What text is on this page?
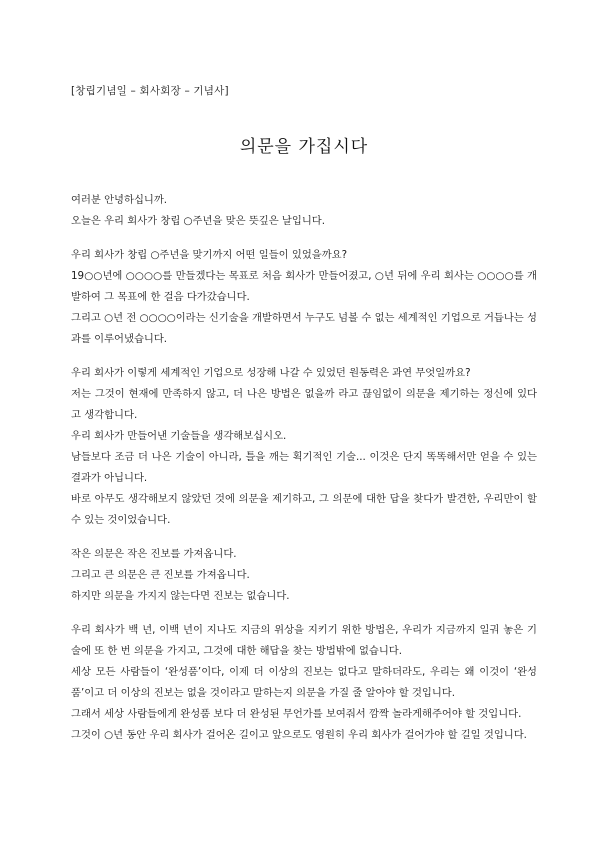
[창립기념일 – 회사회장 – 기념사]

의문을 가집시다

여러분 안녕하십니까.

오늘은 우리 회사가 창립 ○주년을 맞은 뜻깊은 날입니다.

우리 회사가 창립 ○주년을 맞기까지 어떤 일들이 있었을까요?

19○○년에 ○○○○를 만들겠다는 목표로 처음 회사가 만들어졌고, ○년 뒤에 우리 회사는 ○○○○를 개발하여 그 목표에 한 걸음 다가갔습니다.

그리고 ○년 전 ○○○○이라는 신기술을 개발하면서 누구도 넘볼 수 없는 세계적인 기업으로 거듭나는 성과를 이루어냈습니다.

우리 회사가 이렇게 세계적인 기업으로 성장해 나갈 수 있었던 원동력은 과연 무엇일까요?

저는 그것이 현재에 만족하지 않고, 더 나은 방법은 없을까 라고 끊임없이 의문을 제기하는 정신에 있다고 생각합니다.

우리 회사가 만들어낸 기술들을 생각해보십시오.

남들보다 조금 더 나은 기술이 아니라, 틀을 깨는 획기적인 기술... 이것은 단지 똑똑해서만 얻을 수 있는 결과가 아닙니다.

바로 아무도 생각해보지 않았던 것에 의문을 제기하고, 그 의문에 대한 답을 찾다가 발견한, 우리만이 할 수 있는 것이었습니다.

작은 의문은 작은 진보를 가져옵니다.

그리고 큰 의문은 큰 진보를 가져옵니다.

하지만 의문을 가지지 않는다면 진보는 없습니다.

우리 회사가 백 년, 이백 년이 지나도 지금의 위상을 지키기 위한 방법은, 우리가 지금까지 일궈 놓은 기술에 또 한 번 의문을 가지고, 그것에 대한 해답을 찾는 방법밖에 없습니다.

세상 모든 사람들이 ‘완성품’이다, 이제 더 이상의 진보는 없다고 말하더라도, 우리는 왜 이것이 ‘완성품’이고 더 이상의 진보는 없을 것이라고 말하는지 의문을 가질 줄 알아야 할 것입니다.

그래서 세상 사람들에게 완성품 보다 더 완성된 무언가를 보여줘서 깜짝 놀라게해주어야 할 것입니다.

그것이 ○년 동안 우리 회사가 걸어온 길이고 앞으로도 영원히 우리 회사가 걸어가야 할 길일 것입니다.
